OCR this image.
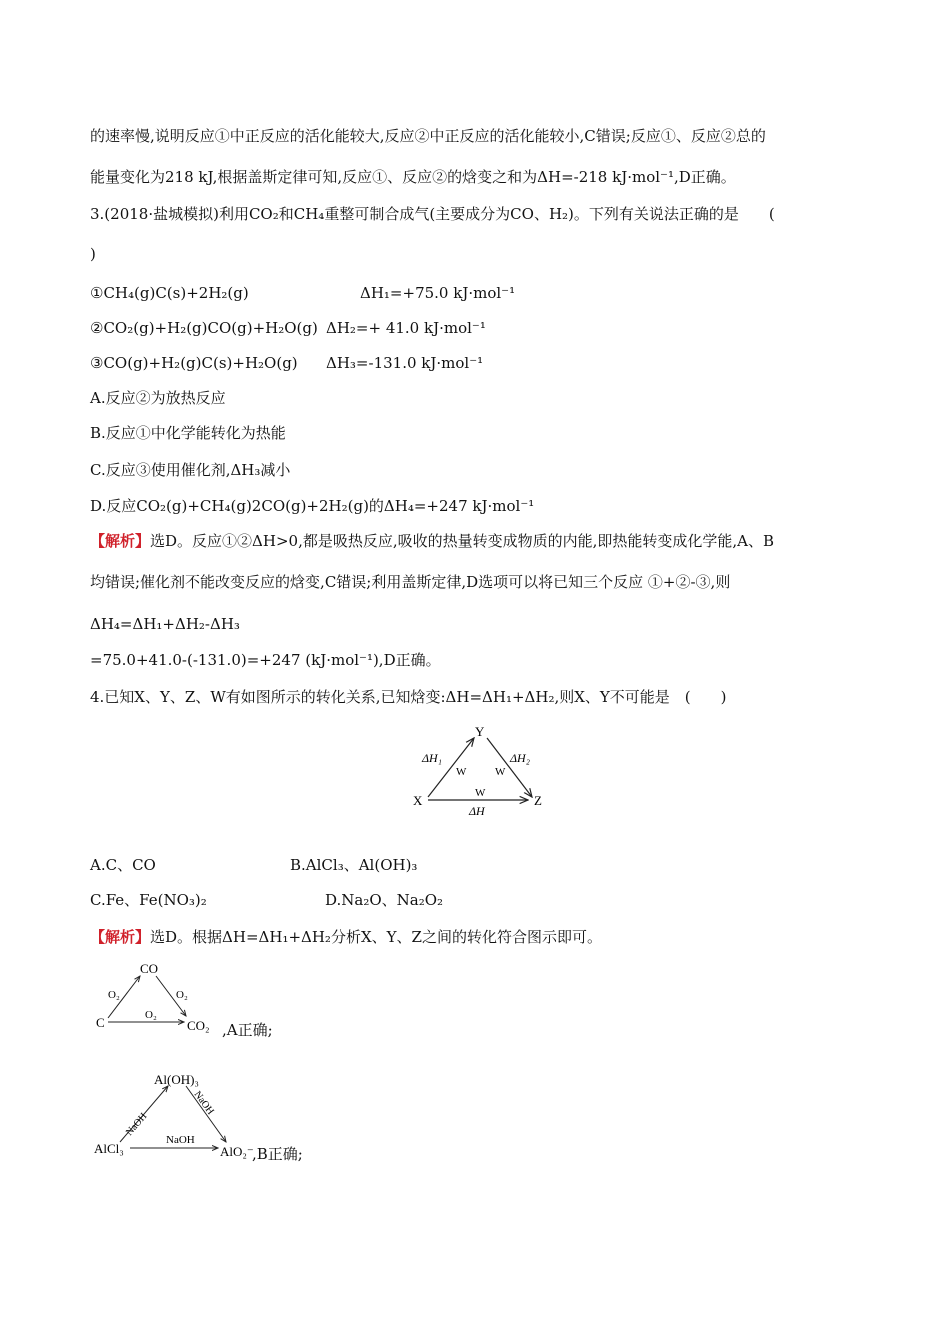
的速率慢,说明反应①中正反应的活化能较大,反应②中正反应的活化能较小,C错误;反应①、反应②总的
能量变化为218 kJ,根据盖斯定律可知,反应①、反应②的焓变之和为ΔH=-218 kJ·mol⁻¹,D正确。
3.(2018·盐城模拟)利用CO₂和CH₄重整可制合成气(主要成分为CO、H₂)。下列有关说法正确的是　　(
)
①CH₄(g)C(s)+2H₂(g)	ΔH₁=+75.0 kJ·mol⁻¹
②CO₂(g)+H₂(g)CO(g)+H₂O(g) ΔH₂=+ 41.0 kJ·mol⁻¹
③CO(g)+H₂(g)C(s)+H₂O(g) ΔH₃=-131.0 kJ·mol⁻¹
A.反应②为放热反应
B.反应①中化学能转化为热能
C.反应③使用催化剂,ΔH₃减小
D.反应CO₂(g)+CH₄(g)2CO(g)+2H₂(g)的ΔH₄=+247 kJ·mol⁻¹
【解析】选D。反应①②ΔH>0,都是吸热反应,吸收的热量转变成物质的内能,即热能转变成化学能,A、B
均错误;催化剂不能改变反应的焓变,C错误;利用盖斯定律,D选项可以将已知三个反应 ①+②-③,则
ΔH₄=ΔH₁+ΔH₂-ΔH₃
=75.0+41.0-(-131.0)=+247 (kJ·mol⁻¹),D正确。
4.已知X、Y、Z、W有如图所示的转化关系,已知焓变:ΔH=ΔH₁+ΔH₂,则X、Y不可能是　(　　)
Y
X	Z
ΔH₁	ΔH₂
W	W
W
ΔH
A.C、CO	B.AlCl₃、Al(OH)₃
C.Fe、Fe(NO₃)₂	D.Na₂O、Na₂O₂
【解析】选D。根据ΔH=ΔH₁+ΔH₂分析X、Y、Z之间的转化符合图示即可。
CO
C	CO₂
O₂	O₂
O₂
,A正确;
Al(OH)₃
AlCl₃	AlO₂⁻
NaOH
NaOH
NaOH
,B正确;
